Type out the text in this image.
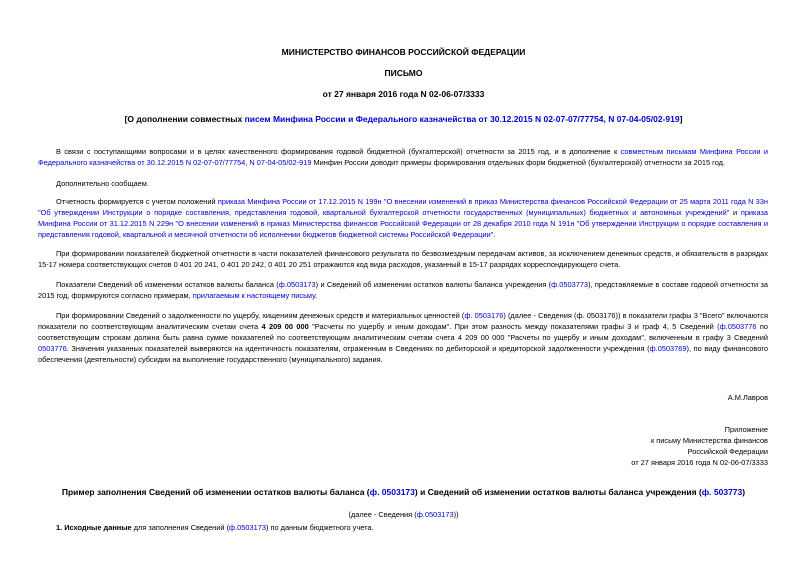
МИНИСТЕРСТВО ФИНАНСОВ РОССИЙСКОЙ ФЕДЕРАЦИИ
ПИСЬМО
от 27 января 2016 года N 02-06-07/3333
[О дополнении совместных писем Минфина России и Федерального казначейства от 30.12.2015 N 02-07-07/77754, N 07-04-05/02-919]
В связи с поступающими вопросами и в целях качественного формирования годовой бюджетной (бухгалтерской) отчетности за 2015 год, и в дополнение к совместным письмам Минфина России и Федерального казначейства от 30.12.2015 N 02-07-07/77754, N 07-04-05/02-919 Минфин России доводит примеры формирования отдельных форм бюджетной (бухгалтерской) отчетности за 2015 год.
Дополнительно сообщаем.
Отчетность формируется с учетом положений приказа Минфина России от 17.12.2015 N 199н "О внесении изменений в приказ Министерства финансов Российской Федерации от 25 марта 2011 года N 33н "Об утверждении Инструкции о порядке составления, представления годовой, квартальной бухгалтерской отчетности государственных (муниципальных) бюджетных и автономных учреждений" и приказа Минфина России от 31.12.2015 N 229н "О внесении изменений в приказ Министерства финансов Российской Федерации от 28 декабря 2010 года N 191н "Об утверждении Инструкции о порядке составления и представления годовой, квартальной и месячной отчетности об исполнении бюджетов бюджетной системы Российской Федерации".
При формировании показателей бюджетной отчетности в части показателей финансового результата по безвозмездным передачам активов, за исключением денежных средств, и обязательств в разрядах 15-17 номера соответствующих счетов 0 401 20 241, 0 401 20 242, 0 401 20 251 отражаются код вида расходов, указанный в 15-17 разрядах корреспондирующего счета.
Показатели Сведений об изменении остатков валюты баланса (ф.0503173) и Сведений об изменении остатков валюты баланса учреждения (ф.0503773), представляемые в составе годовой отчетности за 2015 год, формируются согласно примерам, прилагаемым к настоящему письму.
При формировании Сведений о задолженности по ущербу, хищениям денежных средств и материальных ценностей (ф. 0503176) (далее - Сведения (ф. 0503176)) в показатели графы 3 "Всего" включаются показатели по соответствующим аналитическим счетам счета 4 209 00 000 "Расчеты по ущербу и иным доходам". При этом разность между показателями графы 3 и граф 4, 5 Сведений (ф.0503776 по соответствующим строкам должна быть равна сумме показателей по соответствующим аналитическим счетам счета 4 209 00 000 "Расчеты по ущербу и иным доходам", включенным в графу 3 Сведений 0503776. Значения указанных показателей выверяются на идентичность показателям, отраженным в Сведениях по дебиторской и кредиторской задолженности учреждения (ф.0503769), по виду финансового обеспечения (деятельности) субсидии на выполнение государственного (муниципального) задания.
А.М.Лавров
Приложение
к письму Министерства финансов
Российской Федерации
от 27 января 2016 года N 02-06-07/3333
Пример заполнения Сведений об изменении остатков валюты баланса (ф. 0503173) и Сведений об изменении остатков валюты баланса учреждения (ф. 503773)
(далее - Сведения (ф.0503173))
1. Исходные данные для заполнения Сведений (ф.0503173) по данным бюджетного учета.
